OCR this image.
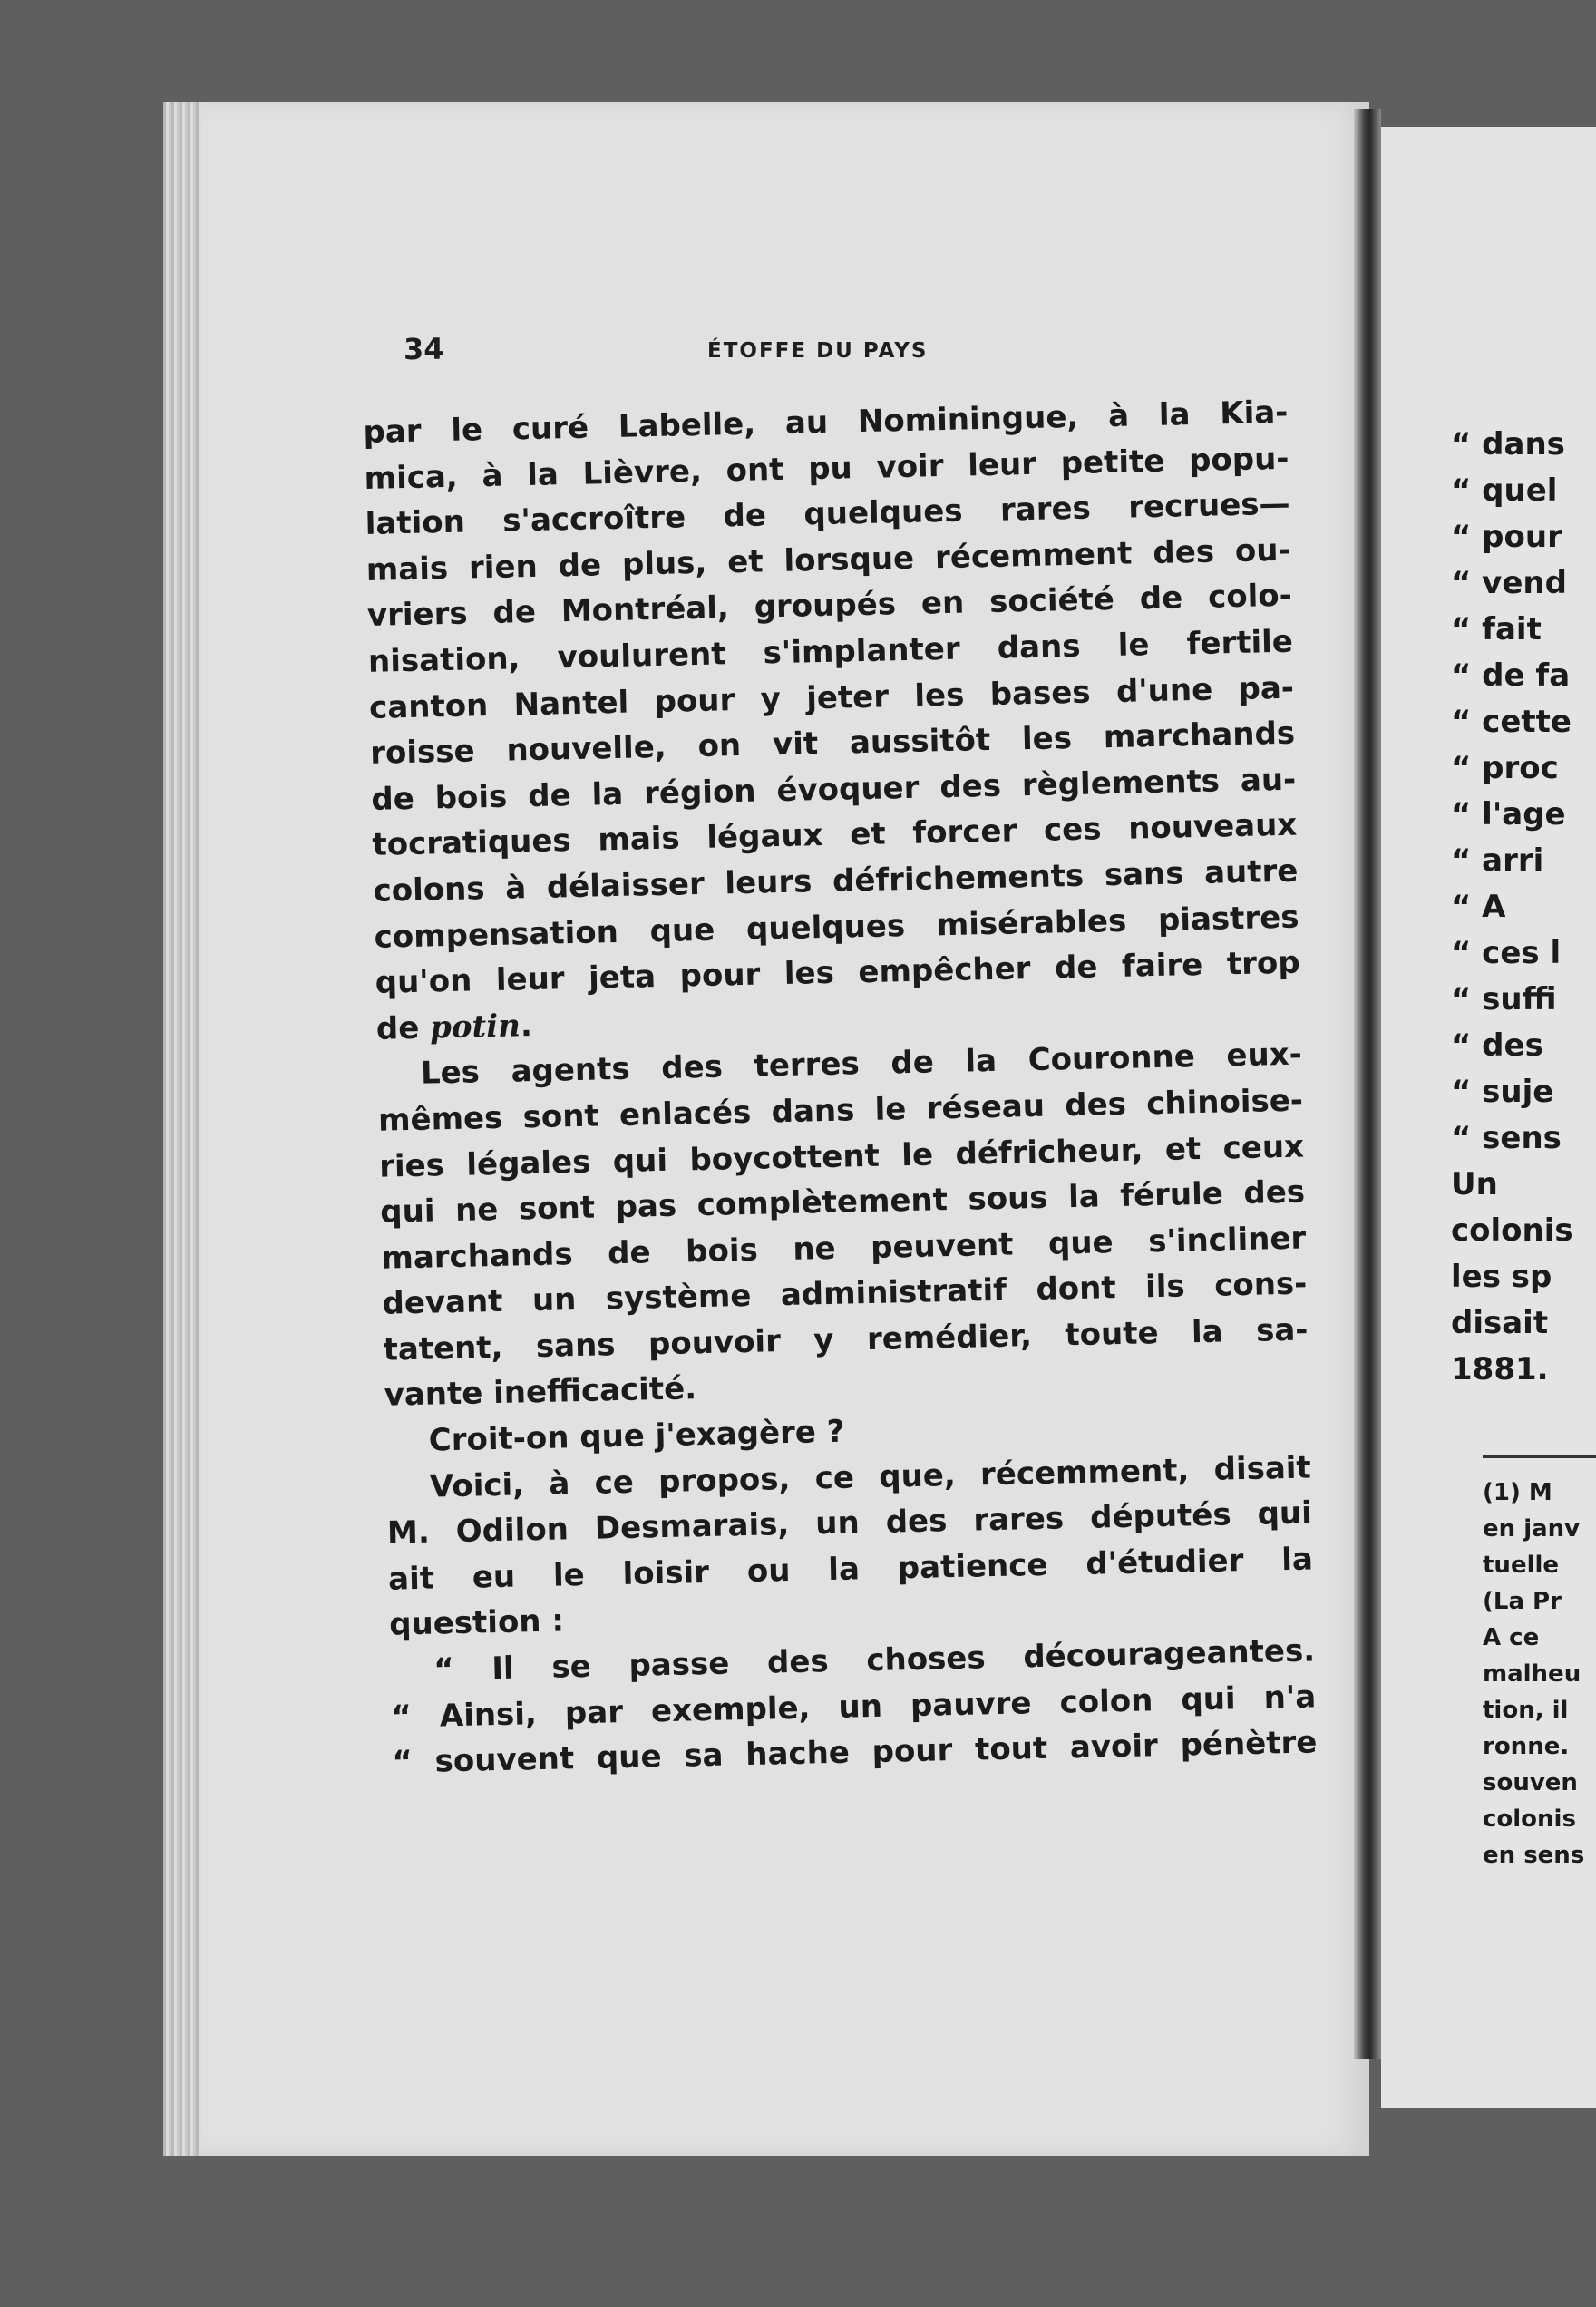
34	ÉTOFFE DU PAYS
par le curé Labelle, au Nominingue, à la Kia-
mica, à la Lièvre, ont pu voir leur petite popu-
lation s'accroître de quelques rares recrues—
mais rien de plus, et lorsque récemment des ou-
vriers de Montréal, groupés en société de colo-
nisation, voulurent s'implanter dans le fertile
canton Nantel pour y jeter les bases d'une pa-
roisse nouvelle, on vit aussitôt les marchands
de bois de la région évoquer des règlements au-
tocratiques mais légaux et forcer ces nouveaux
colons à délaisser leurs défrichements sans autre
compensation que quelques misérables piastres
qu'on leur jeta pour les empêcher de faire trop
de potin.
Les agents des terres de la Couronne eux-
mêmes sont enlacés dans le réseau des chinoise-
ries légales qui boycottent le défricheur, et ceux
qui ne sont pas complètement sous la férule des
marchands de bois ne peuvent que s'incliner
devant un système administratif dont ils cons-
tatent, sans pouvoir y remédier, toute la sa-
vante inefficacité.
Croit-on que j'exagère ?
Voici, à ce propos, ce que, récemment, disait
M. Odilon Desmarais, un des rares députés qui
ait eu le loisir ou la patience d'étudier la
question :
“ Il se passe des choses décourageantes.
“ Ainsi, par exemple, un pauvre colon qui n'a
“ souvent que sa hache pour tout avoir pénètre
“ dans
“ quel
“ pour
“ vend
“ fait
“ de fa
“ cette
“ proc
“ l'age
“ arri
“ A
“ ces l
“ suffi
“ des
“ suje
“ sens
Un
colonis
les sp
disait
1881.
(1) M
en janv
tuelle
(La Pr
A ce
malheu
tion, il
ronne.
souven
colonis
en sens
